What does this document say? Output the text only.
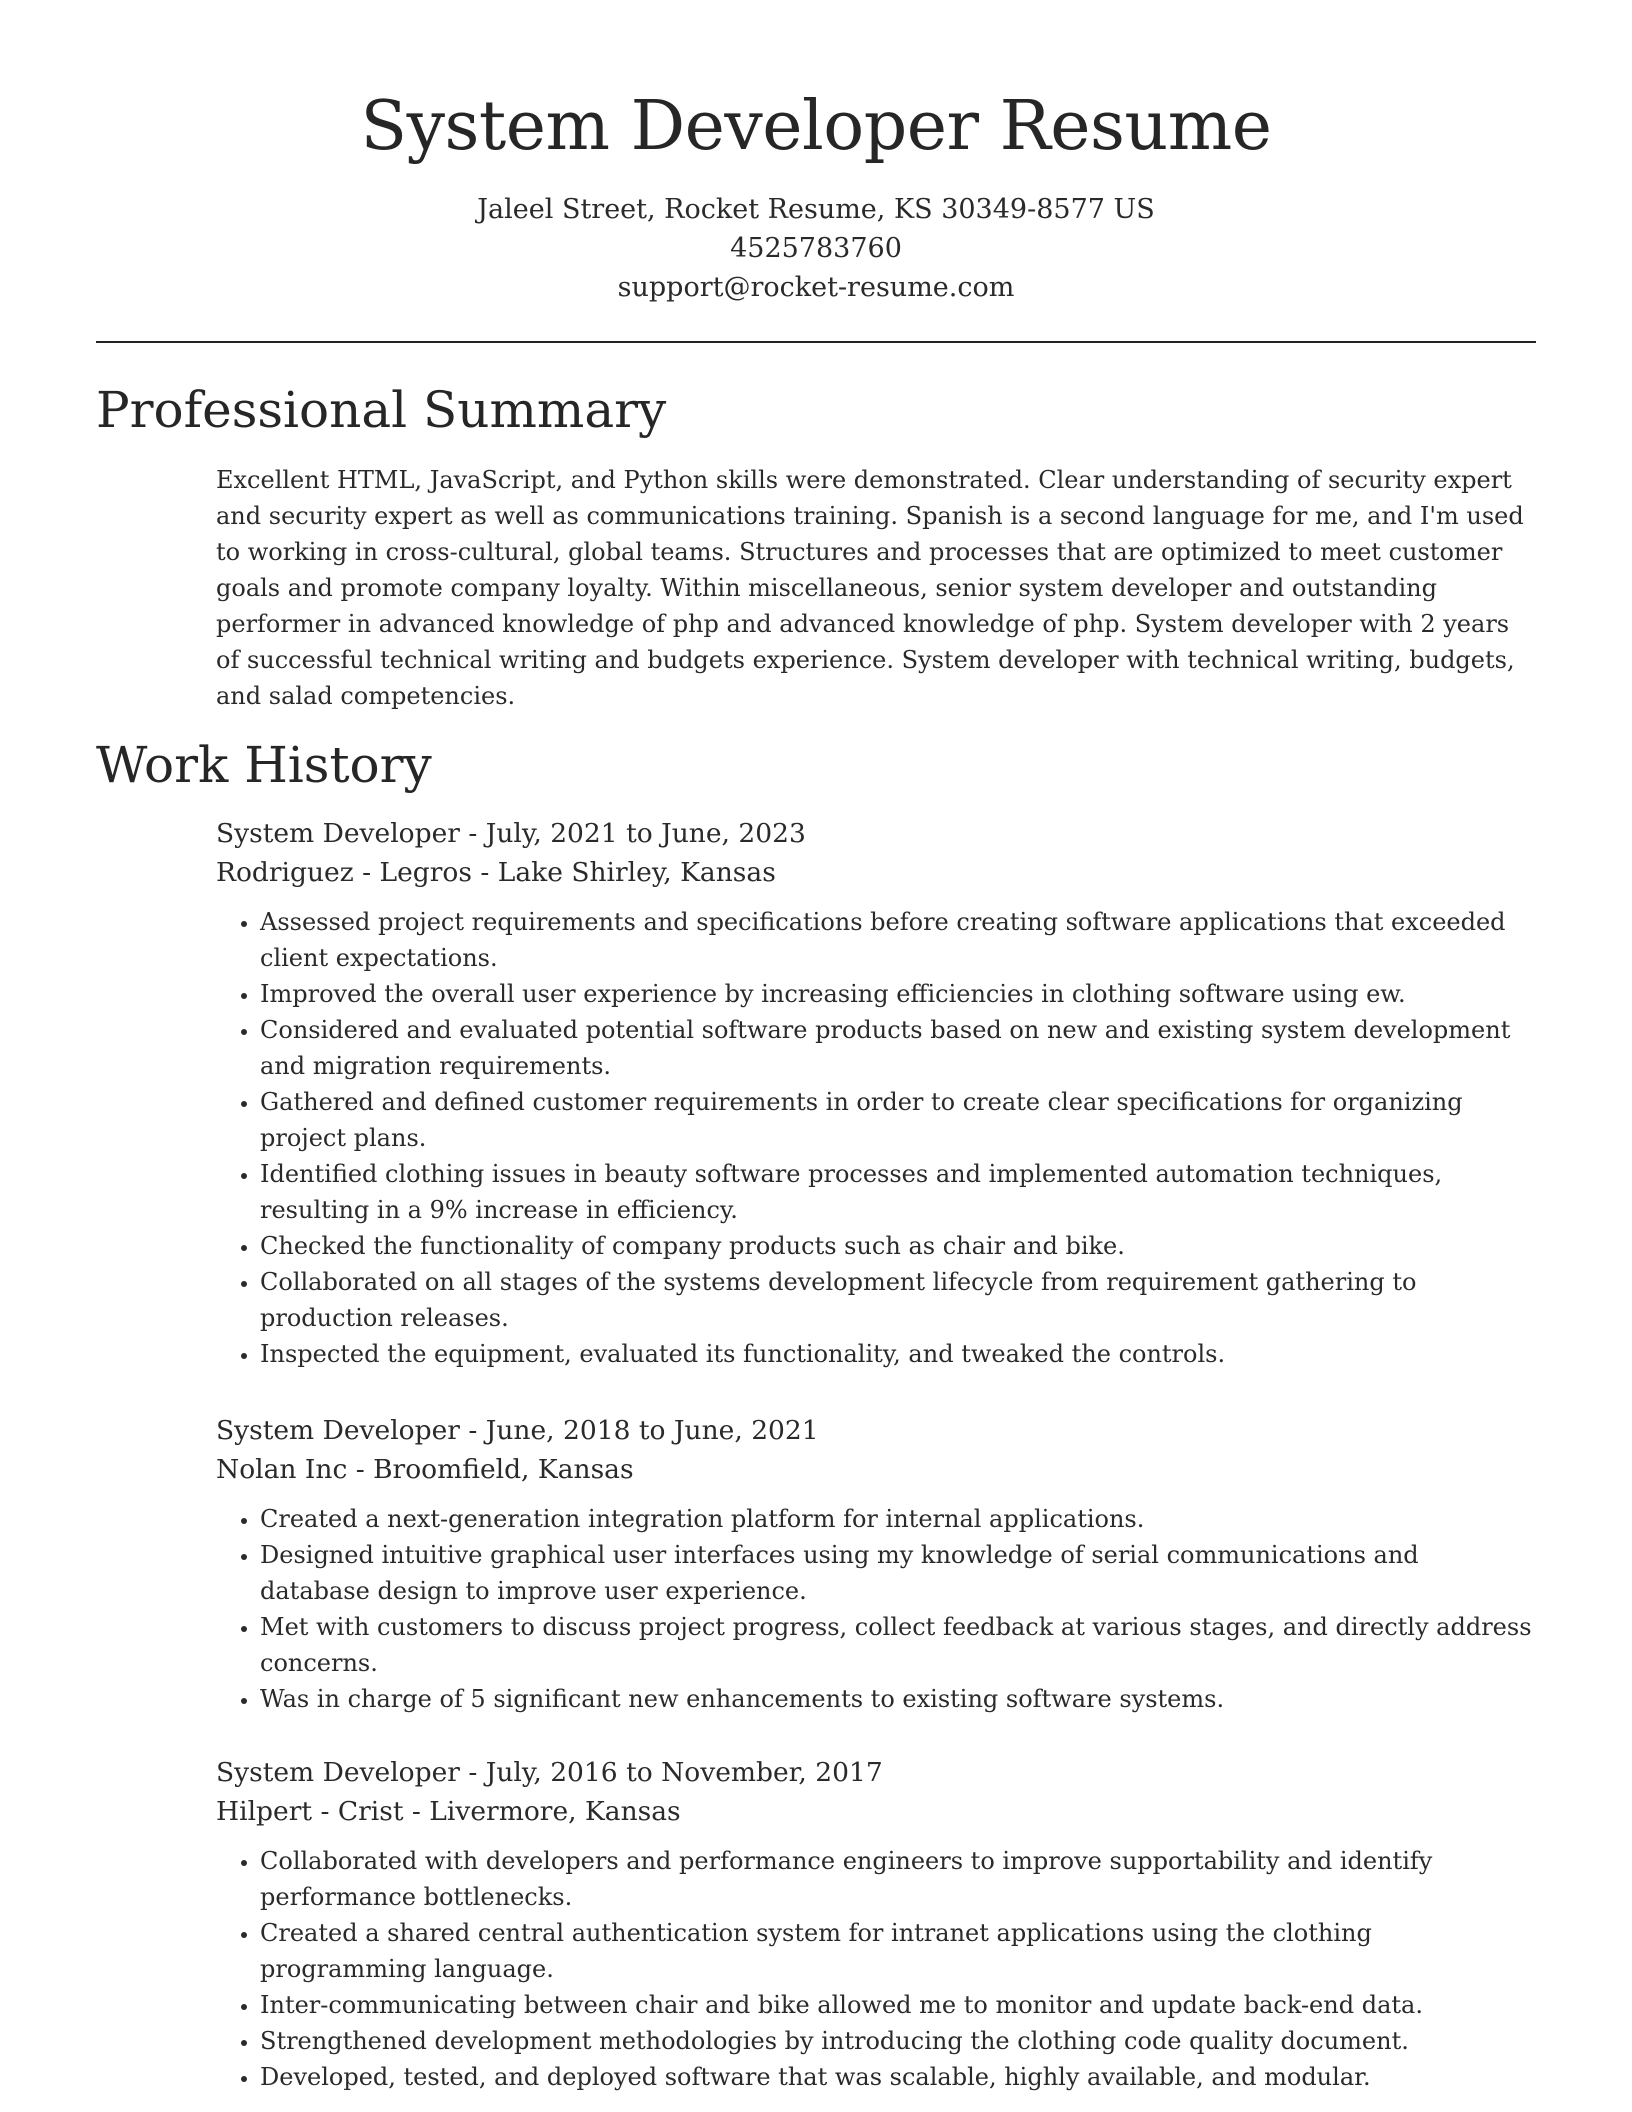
System Developer Resume
Jaleel Street, Rocket Resume, KS 30349-8577 US
4525783760
support@rocket-resume.com
Professional Summary

Excellent HTML, JavaScript, and Python skills were demonstrated. Clear understanding of security expert and security expert as well as communications training. Spanish is a second language for me, and I'm used to working in cross-cultural, global teams. Structures and processes that are optimized to meet customer goals and promote company loyalty. Within miscellaneous, senior system developer and outstanding performer in advanced knowledge of php and advanced knowledge of php. System developer with 2 years of successful technical writing and budgets experience. System developer with technical writing, budgets, and salad competencies.

Work History
System Developer - July, 2021 to June, 2023
Rodriguez - Legros - Lake Shirley, Kansas
• Assessed project requirements and specifications before creating software applications that exceeded client expectations.
• Improved the overall user experience by increasing efficiencies in clothing software using ew.
• Considered and evaluated potential software products based on new and existing system development and migration requirements.
• Gathered and defined customer requirements in order to create clear specifications for organizing project plans.
• Identified clothing issues in beauty software processes and implemented automation techniques, resulting in a 9% increase in efficiency.
• Checked the functionality of company products such as chair and bike.
• Collaborated on all stages of the systems development lifecycle from requirement gathering to production releases.
• Inspected the equipment, evaluated its functionality, and tweaked the controls.
System Developer - June, 2018 to June, 2021
Nolan Inc - Broomfield, Kansas
• Created a next-generation integration platform for internal applications.
• Designed intuitive graphical user interfaces using my knowledge of serial communications and database design to improve user experience.
• Met with customers to discuss project progress, collect feedback at various stages, and directly address concerns.
• Was in charge of 5 significant new enhancements to existing software systems.
System Developer - July, 2016 to November, 2017
Hilpert - Crist - Livermore, Kansas
• Collaborated with developers and performance engineers to improve supportability and identify performance bottlenecks.
• Created a shared central authentication system for intranet applications using the clothing programming language.
• Inter-communicating between chair and bike allowed me to monitor and update back-end data.
• Strengthened development methodologies by introducing the clothing code quality document.
• Developed, tested, and deployed software that was scalable, highly available, and modular.
